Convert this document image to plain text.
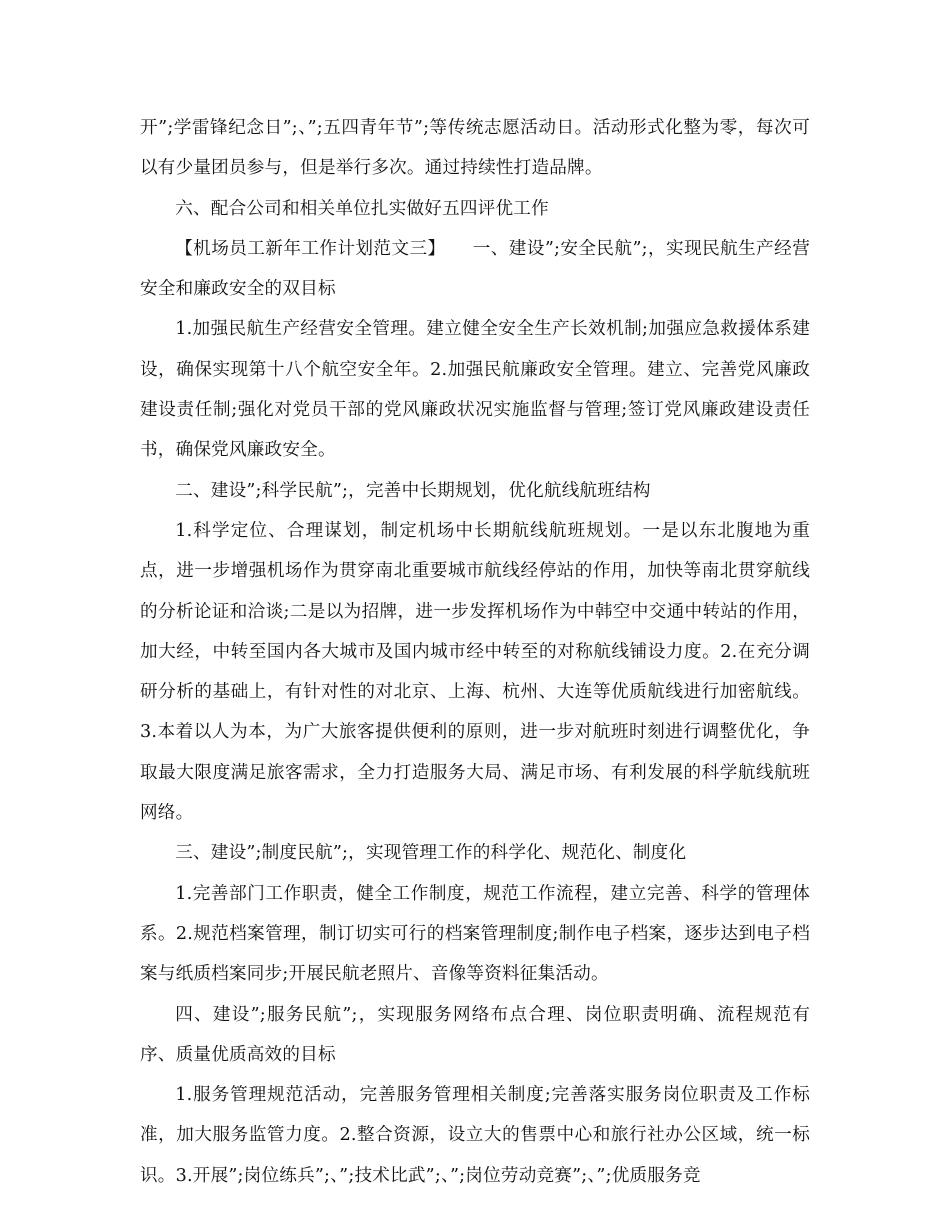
开”;学雷锋纪念日”;、”;五四青年节”;等传统志愿活动日。活动形式化整为零，每次可以有少量团员参与，但是举行多次。通过持续性打造品牌。

六、配合公司和相关单位扎实做好五四评优工作

【机场员工新年工作计划范文三】　　一、建设”;安全民航”;，实现民航生产经营安全和廉政安全的双目标

1.加强民航生产经营安全管理。建立健全安全生产长效机制;加强应急救援体系建设，确保实现第十八个航空安全年。2.加强民航廉政安全管理。建立、完善党风廉政建设责任制;强化对党员干部的党风廉政状况实施监督与管理;签订党风廉政建设责任书，确保党风廉政安全。

二、建设”;科学民航”;，完善中长期规划，优化航线航班结构

1.科学定位、合理谋划，制定机场中长期航线航班规划。一是以东北腹地为重点，进一步增强机场作为贯穿南北重要城市航线经停站的作用，加快等南北贯穿航线的分析论证和洽谈;二是以为招牌，进一步发挥机场作为中韩空中交通中转站的作用，加大经，中转至国内各大城市及国内城市经中转至的对称航线铺设力度。2.在充分调研分析的基础上，有针对性的对北京、上海、杭州、大连等优质航线进行加密航线。3.本着以人为本，为广大旅客提供便利的原则，进一步对航班时刻进行调整优化，争取最大限度满足旅客需求，全力打造服务大局、满足市场、有利发展的科学航线航班网络。

三、建设”;制度民航”;，实现管理工作的科学化、规范化、制度化

1.完善部门工作职责，健全工作制度，规范工作流程，建立完善、科学的管理体系。2.规范档案管理，制订切实可行的档案管理制度;制作电子档案，逐步达到电子档案与纸质档案同步;开展民航老照片、音像等资料征集活动。

四、建设”;服务民航”;，实现服务网络布点合理、岗位职责明确、流程规范有序、质量优质高效的目标

1.服务管理规范活动，完善服务管理相关制度;完善落实服务岗位职责及工作标准，加大服务监管力度。2.整合资源，设立大的售票中心和旅行社办公区域，统一标识。3.开展”;岗位练兵”;、”;技术比武”;、”;岗位劳动竞赛”;、”;优质服务竞
